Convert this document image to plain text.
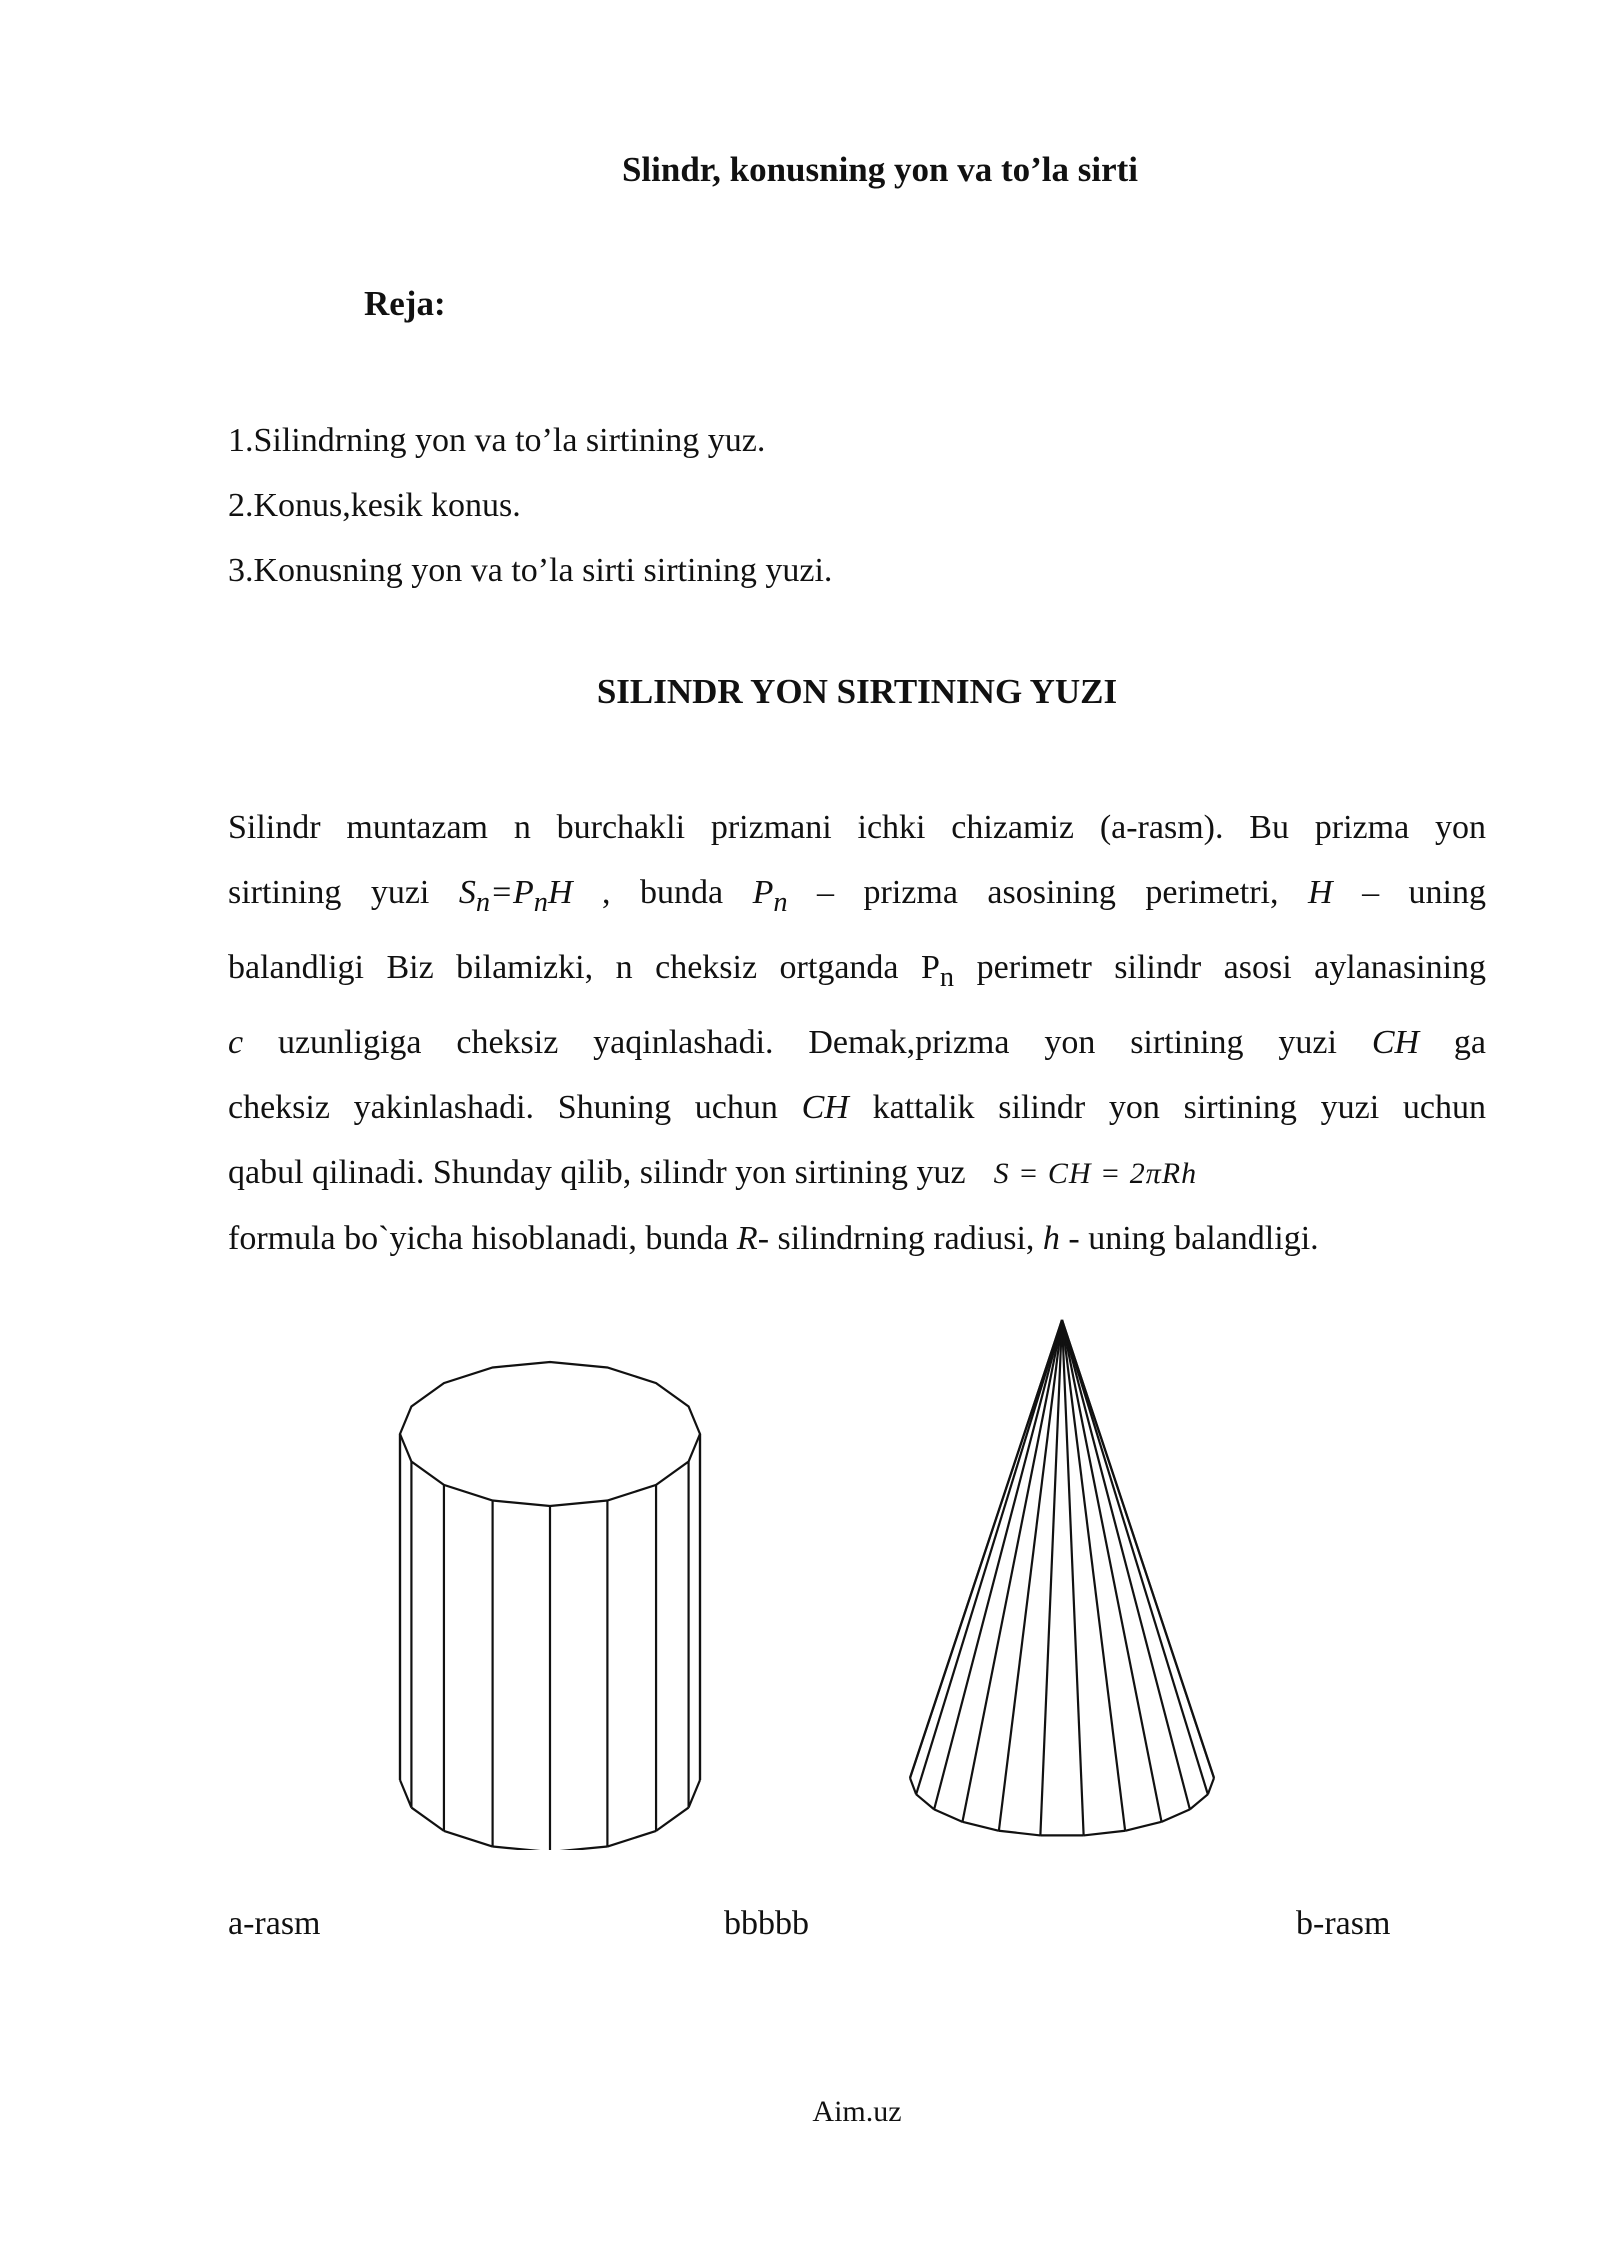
Slindr, konusning yon va to’la sirti
Reja:
1.Silindrning yon va to’la sirtining yuz.
2.Konus,kesik konus.
3.Konusning yon va to’la sirti sirtining yuzi.
SILINDR YON SIRTINING YUZI
Silindr muntazam n burchakli prizmani ichki chizamiz (a-rasm). Bu prizma yon
sirtining yuzi $S_n=P_nH$ , bunda $P_n$ – prizma asosining perimetri, H – uning
balandligi Biz bilamizki, n cheksiz ortganda $P_n$ perimetr silindr asosi aylanasining
c uzunligiga cheksiz yaqinlashadi. Demak,prizma yon sirtining yuzi CH ga
cheksiz yakinlashadi. Shuning uchun CH kattalik silindr yon sirtining yuzi uchun
qabul qilinadi. Shunday qilib, silindr yon sirtining yuz S = CH = 2πRh
formula bo`yicha hisoblanadi, bunda R- silindrning radiusi, h - uning balandligi.
a-rasm	bbbbb	b-rasm
Aim.uz
